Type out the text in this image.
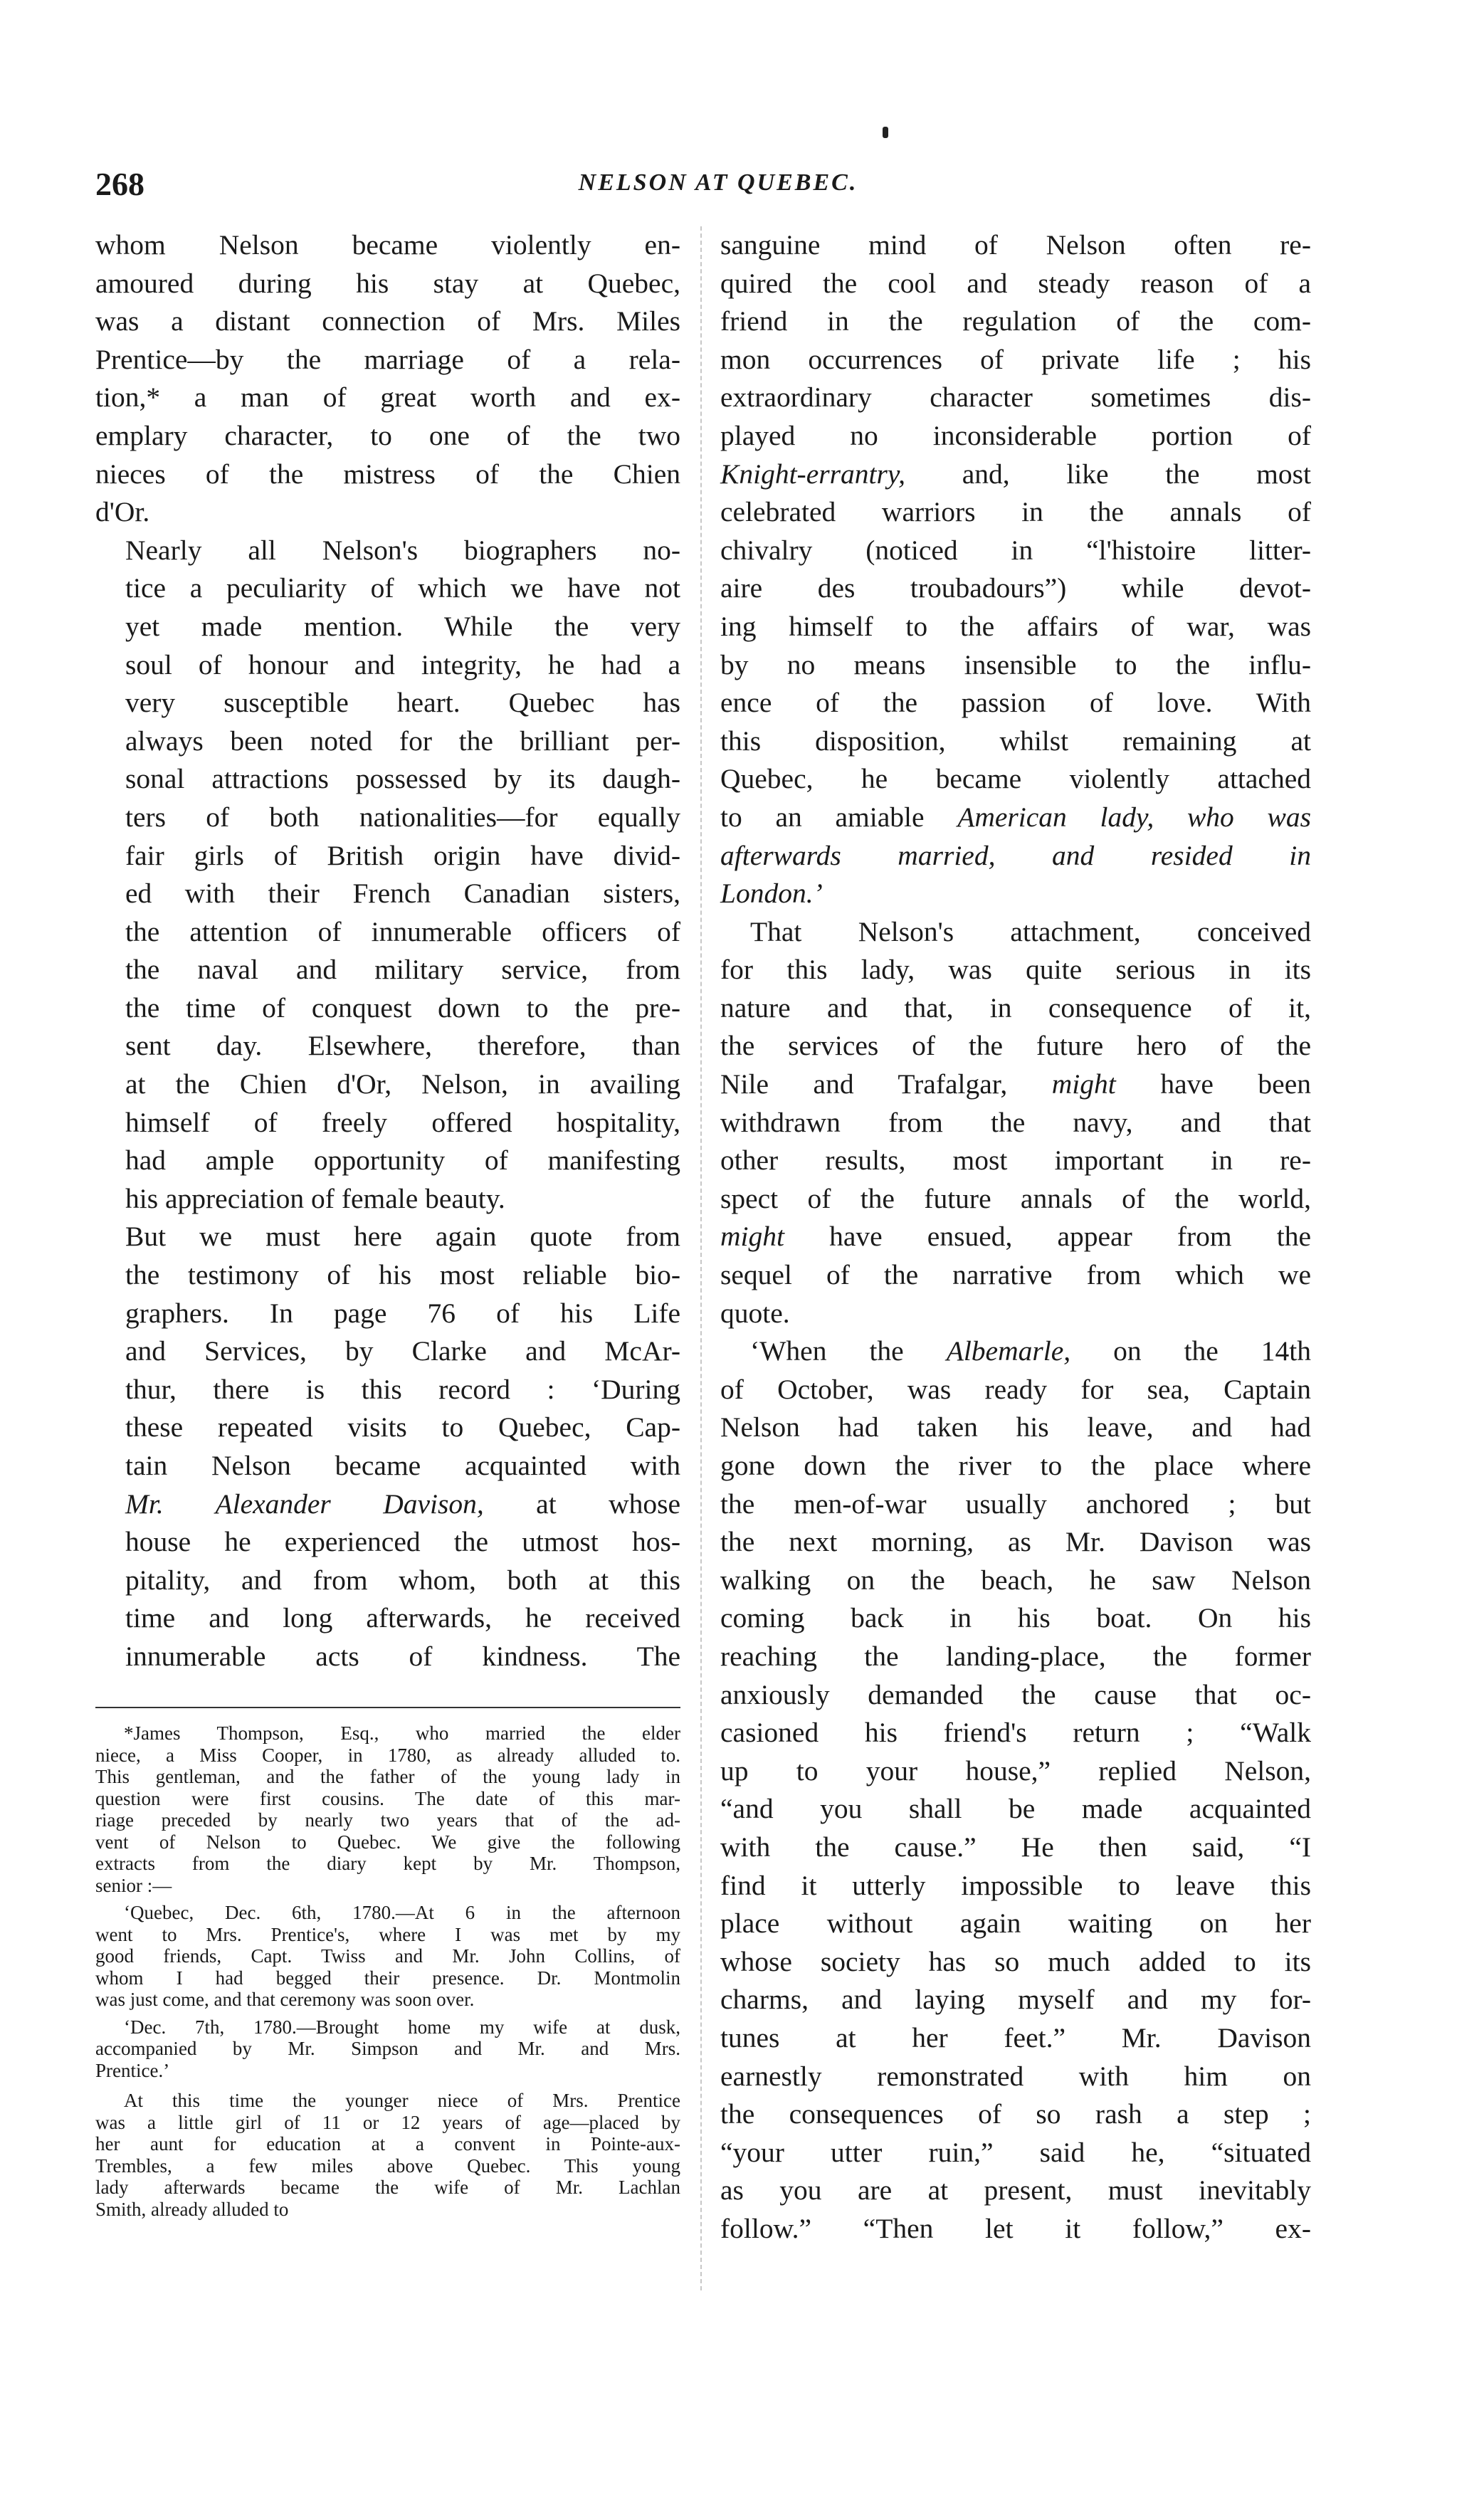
268	NELSON AT QUEBEC.

whom Nelson became violently en-
amoured during his stay at Quebec,
was a distant connection of Mrs. Miles
Prentice—by the marriage of a rela-
tion,* a man of great worth and ex-
emplary character, to one of the two
nieces of the mistress of the Chien
d'Or.

Nearly all Nelson's biographers no-
tice a peculiarity of which we have not
yet made mention. While the very
soul of honour and integrity, he had a
very susceptible heart. Quebec has
always been noted for the brilliant per-
sonal attractions possessed by its daugh-
ters of both nationalities—for equally
fair girls of British origin have divid-
ed with their French Canadian sisters,
the attention of innumerable officers of
the naval and military service, from
the time of conquest down to the pre-
sent day. Elsewhere, therefore, than
at the Chien d'Or, Nelson, in availing
himself of freely offered hospitality,
had ample opportunity of manifesting
his appreciation of female beauty.

But we must here again quote from
the testimony of his most reliable bio-
graphers. In page 76 of his Life
and Services, by Clarke and McAr-
thur, there is this record : ‘During
these repeated visits to Quebec, Cap-
tain Nelson became acquainted with
Mr. Alexander Davison, at whose
house he experienced the utmost hos-
pitality, and from whom, both at this
time and long afterwards, he received
innumerable acts of kindness. The

*James Thompson, Esq., who married the elder
niece, a Miss Cooper, in 1780, as already alluded to.
This gentleman, and the father of the young lady in
question were first cousins. The date of this mar-
riage preceded by nearly two years that of the ad-
vent of Nelson to Quebec. We give the following
extracts from the diary kept by Mr. Thompson,
senior :—

‘Quebec, Dec. 6th, 1780.—At 6 in the afternoon
went to Mrs. Prentice's, where I was met by my
good friends, Capt. Twiss and Mr. John Collins, of
whom I had begged their presence. Dr. Montmolin
was just come, and that ceremony was soon over.

‘Dec. 7th, 1780.—Brought home my wife at dusk,
accompanied by Mr. Simpson and Mr. and Mrs.
Prentice.’

At this time the younger niece of Mrs. Prentice
was a little girl of 11 or 12 years of age—placed by
her aunt for education at a convent in Pointe-aux-
Trembles, a few miles above Quebec. This young
lady afterwards became the wife of Mr. Lachlan
Smith, already alluded to

sanguine mind of Nelson often re-
quired the cool and steady reason of a
friend in the regulation of the com-
mon occurrences of private life ; his
extraordinary character sometimes dis-
played no inconsiderable portion of
Knight-errantry, and, like the most
celebrated warriors in the annals of
chivalry (noticed in “l'histoire litter-
aire des troubadours”) while devot-
ing himself to the affairs of war, was
by no means insensible to the influ-
ence of the passion of love. With
this disposition, whilst remaining at
Quebec, he became violently attached
to an amiable American lady, who was
afterwards married, and resided in
London.’

That Nelson's attachment, conceived
for this lady, was quite serious in its
nature and that, in consequence of it,
the services of the future hero of the
Nile and Trafalgar, might have been
withdrawn from the navy, and that
other results, most important in re-
spect of the future annals of the world,
might have ensued, appear from the
sequel of the narrative from which we
quote.

‘When the Albemarle, on the 14th
of October, was ready for sea, Captain
Nelson had taken his leave, and had
gone down the river to the place where
the men-of-war usually anchored ; but
the next morning, as Mr. Davison was
walking on the beach, he saw Nelson
coming back in his boat. On his
reaching the landing-place, the former
anxiously demanded the cause that oc-
casioned his friend's return ; “Walk
up to your house,” replied Nelson,
“and you shall be made acquainted
with the cause.” He then said, “I
find it utterly impossible to leave this
place without again waiting on her
whose society has so much added to its
charms, and laying myself and my for-
tunes at her feet.” Mr. Davison
earnestly remonstrated with him on
the consequences of so rash a step ;
“your utter ruin,” said he, “situated
as you are at present, must inevitably
follow.” “Then let it follow,” ex-
